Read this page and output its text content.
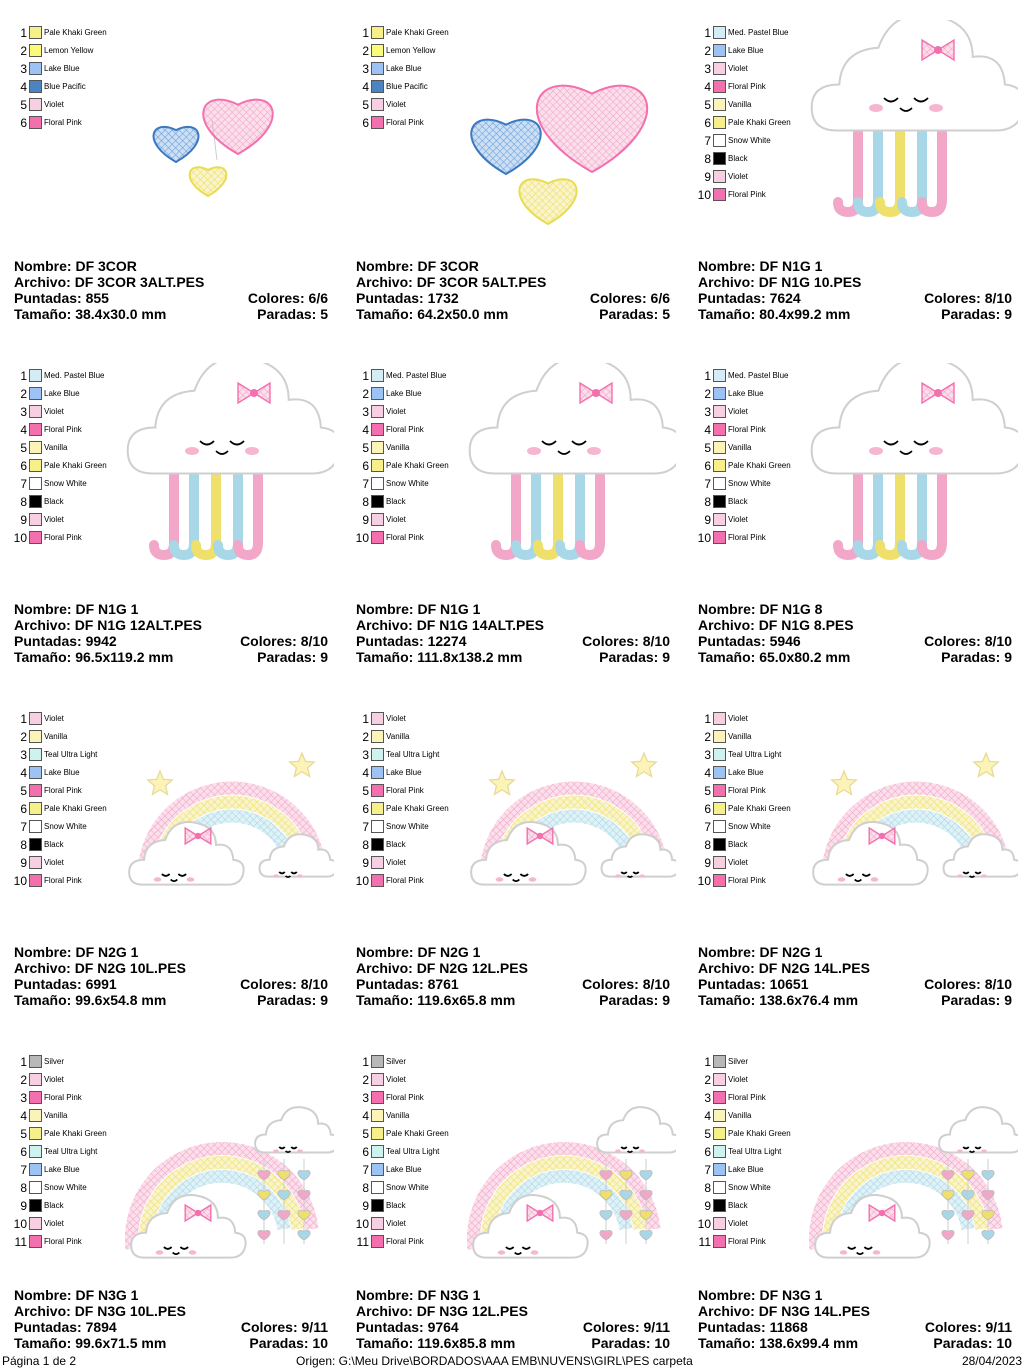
1 Pale Khaki Green
2 Lemon Yellow
3 Lake Blue
4 Blue Pacific
5 Violet
6 Floral Pink
Nombre: DF 3COR
Archivo: DF 3COR 3ALT.PES
Puntadas: 855	Colores: 6/6
Tamaño: 38.4x30.0 mm	Paradas: 5
1 Pale Khaki Green
2 Lemon Yellow
3 Lake Blue
4 Blue Pacific
5 Violet
6 Floral Pink
Nombre: DF 3COR
Archivo: DF 3COR 5ALT.PES
Puntadas: 1732	Colores: 6/6
Tamaño: 64.2x50.0 mm	Paradas: 5
1 Med. Pastel Blue
2 Lake Blue
3 Violet
4 Floral Pink
5 Vanilla
6 Pale Khaki Green
7 Snow White
8 Black
9 Violet
10 Floral Pink
Nombre: DF N1G 1
Archivo: DF N1G 10.PES
Puntadas: 7624	Colores: 8/10
Tamaño: 80.4x99.2 mm	Paradas: 9
1 Med. Pastel Blue
2 Lake Blue
3 Violet
4 Floral Pink
5 Vanilla
6 Pale Khaki Green
7 Snow White
8 Black
9 Violet
10 Floral Pink
Nombre: DF N1G 1
Archivo: DF N1G 12ALT.PES
Puntadas: 9942	Colores: 8/10
Tamaño: 96.5x119.2 mm	Paradas: 9
1 Med. Pastel Blue
2 Lake Blue
3 Violet
4 Floral Pink
5 Vanilla
6 Pale Khaki Green
7 Snow White
8 Black
9 Violet
10 Floral Pink
Nombre: DF N1G 1
Archivo: DF N1G 14ALT.PES
Puntadas: 12274	Colores: 8/10
Tamaño: 111.8x138.2 mm	Paradas: 9
1 Med. Pastel Blue
2 Lake Blue
3 Violet
4 Floral Pink
5 Vanilla
6 Pale Khaki Green
7 Snow White
8 Black
9 Violet
10 Floral Pink
Nombre: DF N1G 8
Archivo: DF N1G 8.PES
Puntadas: 5946	Colores: 8/10
Tamaño: 65.0x80.2 mm	Paradas: 9
1 Violet
2 Vanilla
3 Teal Ultra Light
4 Lake Blue
5 Floral Pink
6 Pale Khaki Green
7 Snow White
8 Black
9 Violet
10 Floral Pink
Nombre: DF N2G 1
Archivo: DF N2G 10L.PES
Puntadas: 6991	Colores: 8/10
Tamaño: 99.6x54.8 mm	Paradas: 9
1 Violet
2 Vanilla
3 Teal Ultra Light
4 Lake Blue
5 Floral Pink
6 Pale Khaki Green
7 Snow White
8 Black
9 Violet
10 Floral Pink
Nombre: DF N2G 1
Archivo: DF N2G 12L.PES
Puntadas: 8761	Colores: 8/10
Tamaño: 119.6x65.8 mm	Paradas: 9
1 Violet
2 Vanilla
3 Teal Ultra Light
4 Lake Blue
5 Floral Pink
6 Pale Khaki Green
7 Snow White
8 Black
9 Violet
10 Floral Pink
Nombre: DF N2G 1
Archivo: DF N2G 14L.PES
Puntadas: 10651	Colores: 8/10
Tamaño: 138.6x76.4 mm	Paradas: 9
1 Silver
2 Violet
3 Floral Pink
4 Vanilla
5 Pale Khaki Green
6 Teal Ultra Light
7 Lake Blue
8 Snow White
9 Black
10 Violet
11 Floral Pink
Nombre: DF N3G 1
Archivo: DF N3G 10L.PES
Puntadas: 7894	Colores: 9/11
Tamaño: 99.6x71.5 mm	Paradas: 10
1 Silver
2 Violet
3 Floral Pink
4 Vanilla
5 Pale Khaki Green
6 Teal Ultra Light
7 Lake Blue
8 Snow White
9 Black
10 Violet
11 Floral Pink
Nombre: DF N3G 1
Archivo: DF N3G 12L.PES
Puntadas: 9764	Colores: 9/11
Tamaño: 119.6x85.8 mm	Paradas: 10
1 Silver
2 Violet
3 Floral Pink
4 Vanilla
5 Pale Khaki Green
6 Teal Ultra Light
7 Lake Blue
8 Snow White
9 Black
10 Violet
11 Floral Pink
Nombre: DF N3G 1
Archivo: DF N3G 14L.PES
Puntadas: 11868	Colores: 9/11
Tamaño: 138.6x99.4 mm	Paradas: 10
Página 1 de 2	Origen: G:\Meu Drive\BORDADOS\AAA EMB\NUVENS\GIRL\PES carpeta	28/04/2023
